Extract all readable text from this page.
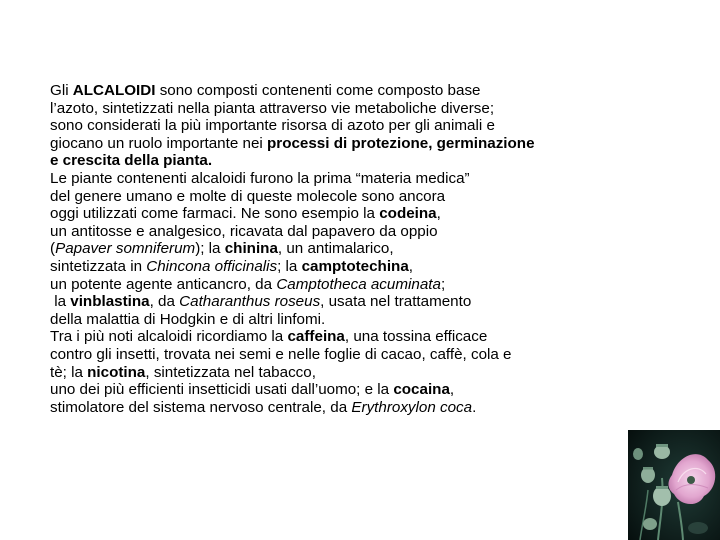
Gli ALCALOIDI sono composti contenenti come composto base
l’azoto, sintetizzati nella pianta attraverso vie metaboliche diverse;
sono considerati la più importante risorsa di azoto per gli animali e
giocano un ruolo importante nei processi di protezione, germinazione
e crescita della pianta.
Le piante contenenti alcaloidi furono la prima “materia medica”
del genere umano e molte di queste molecole sono ancora
oggi utilizzati come farmaci. Ne sono esempio la codeina,
un antitosse e analgesico, ricavata dal papavero da oppio
(Papaver somniferum); la chinina, un antimalarico,
sintetizzata in Chincona officinalis; la camptotechina,
un potente agente anticancro, da Camptotheca acuminata;
la vinblastina, da Catharanthus roseus, usata nel trattamento
della malattia di Hodgkin e di altri linfomi.
Tra i più noti alcaloidi ricordiamo la caffeina, una tossina efficace
contro gli insetti, trovata nei semi e nelle foglie di cacao, caffè, cola e
tè; la nicotina, sintetizzata nel tabacco,
uno dei più efficienti insetticidi usati dall’uomo; e la cocaina,
stimolatore del sistema nervoso centrale, da Erythroxylon coca.
